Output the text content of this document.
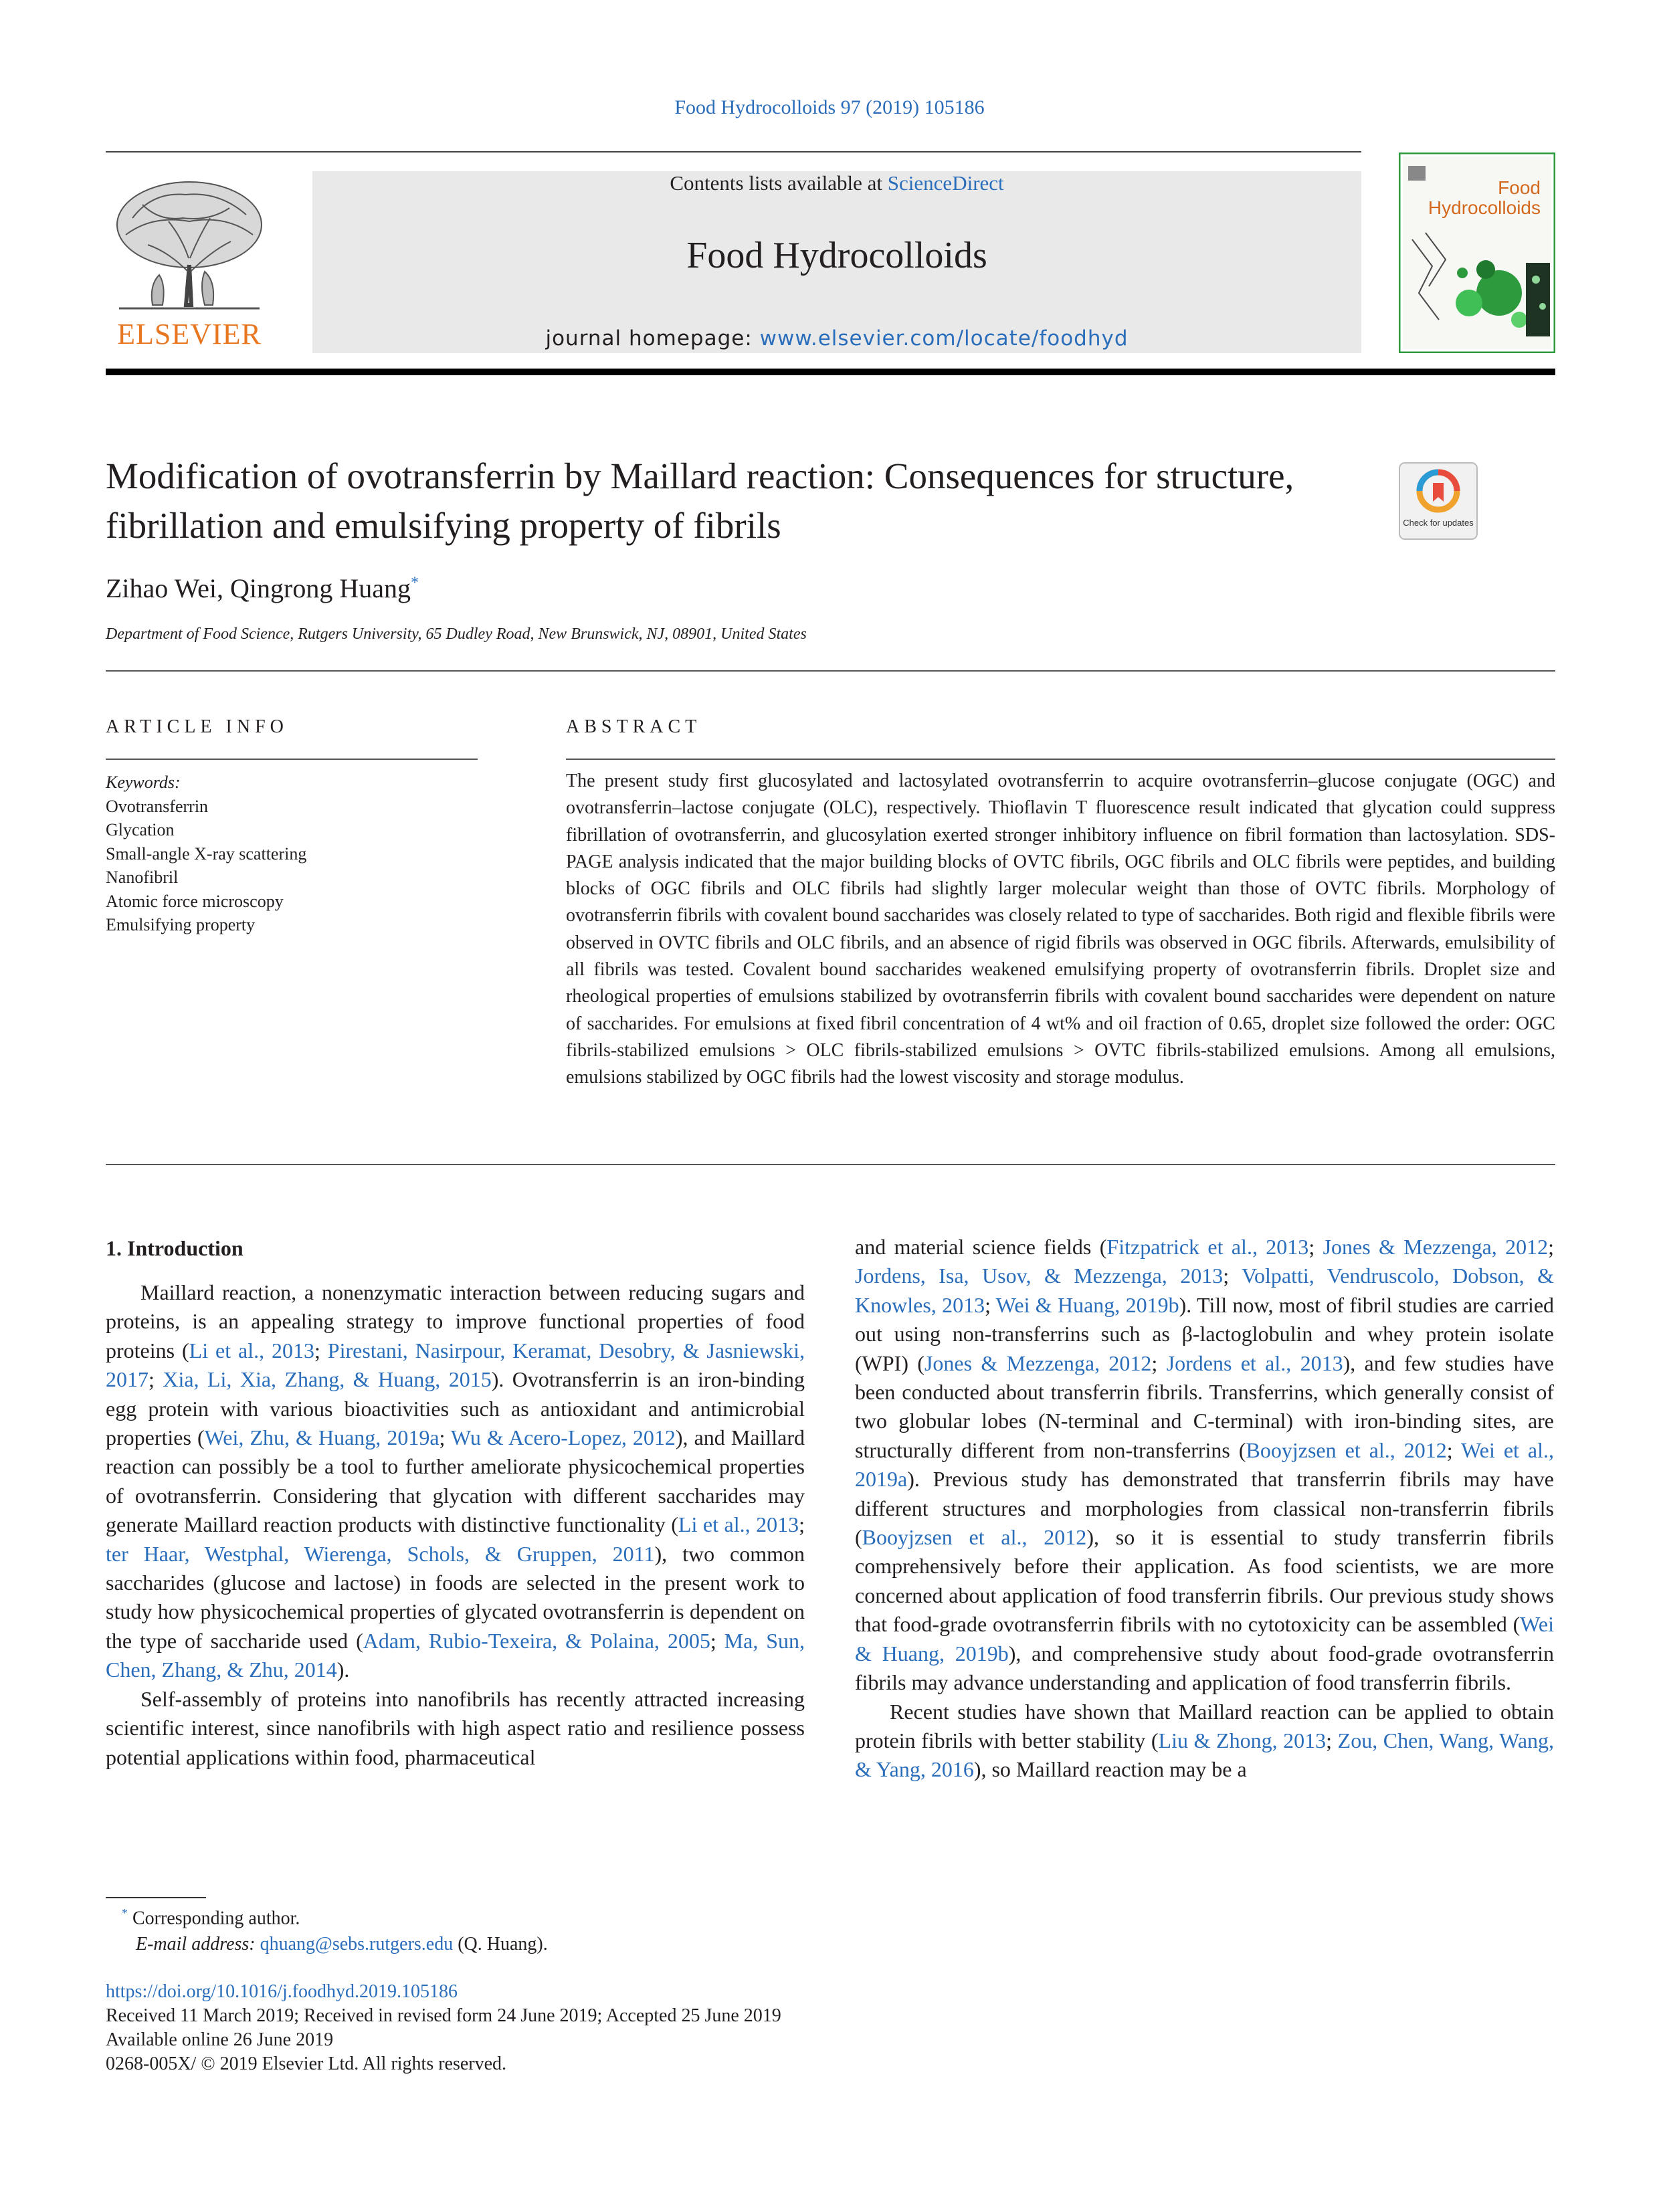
Food Hydrocolloids 97 (2019) 105186
ELSEVIER
Contents lists available at ScienceDirect
Food Hydrocolloids
journal homepage: www.elsevier.com/locate/foodhyd
Food
Hydrocolloids
Modification of ovotransferrin by Maillard reaction: Consequences for structure, fibrillation and emulsifying property of fibrils	Check for updates
Zihao Wei, Qingrong Huang*
Department of Food Science, Rutgers University, 65 Dudley Road, New Brunswick, NJ, 08901, United States
ARTICLE INFO	ABSTRACT
Keywords:
Ovotransferrin
Glycation
Small-angle X-ray scattering
Nanofibril
Atomic force microscopy
Emulsifying property
The present study first glucosylated and lactosylated ovotransferrin to acquire ovotransferrin–glucose conjugate (OGC) and ovotransferrin–lactose conjugate (OLC), respectively. Thioflavin T fluorescence result indicated that glycation could suppress fibrillation of ovotransferrin, and glucosylation exerted stronger inhibitory influence on fibril formation than lactosylation. SDS-PAGE analysis indicated that the major building blocks of OVTC fibrils, OGC fibrils and OLC fibrils were peptides, and building blocks of OGC fibrils and OLC fibrils had slightly larger molecular weight than those of OVTC fibrils. Morphology of ovotransferrin fibrils with covalent bound saccharides was closely related to type of saccharides. Both rigid and flexible fibrils were observed in OVTC fibrils and OLC fibrils, and an absence of rigid fibrils was observed in OGC fibrils. Afterwards, emulsibility of all fibrils was tested. Covalent bound saccharides weakened emulsifying property of ovotransferrin fibrils. Droplet size and rheological properties of emulsions stabilized by ovotransferrin fibrils with covalent bound saccharides were dependent on nature of saccharides. For emulsions at fixed fibril concentration of 4 wt% and oil fraction of 0.65, droplet size followed the order: OGC fibrils-stabilized emulsions > OLC fibrils-stabilized emulsions > OVTC fibrils-stabilized emulsions. Among all emulsions, emulsions stabilized by OGC fibrils had the lowest viscosity and storage modulus.
1. Introduction

Maillard reaction, a nonenzymatic interaction between reducing sugars and proteins, is an appealing strategy to improve functional properties of food proteins (Li et al., 2013; Pirestani, Nasirpour, Keramat, Desobry, & Jasniewski, 2017; Xia, Li, Xia, Zhang, & Huang, 2015). Ovotransferrin is an iron-binding egg protein with various bioactivities such as antioxidant and antimicrobial properties (Wei, Zhu, & Huang, 2019a; Wu & Acero-Lopez, 2012), and Maillard reaction can possibly be a tool to further ameliorate physicochemical properties of ovotransferrin. Considering that glycation with different saccharides may generate Maillard reaction products with distinctive functionality (Li et al., 2013; ter Haar, Westphal, Wierenga, Schols, & Gruppen, 2011), two common saccharides (glucose and lactose) in foods are selected in the present work to study how physicochemical properties of glycated ovotransferrin is dependent on the type of saccharide used (Adam, Rubio-Texeira, & Polaina, 2005; Ma, Sun, Chen, Zhang, & Zhu, 2014).

Self-assembly of proteins into nanofibrils has recently attracted increasing scientific interest, since nanofibrils with high aspect ratio and resilience possess potential applications within food, pharmaceutical

and material science fields (Fitzpatrick et al., 2013; Jones & Mezzenga, 2012; Jordens, Isa, Usov, & Mezzenga, 2013; Volpatti, Vendruscolo, Dobson, & Knowles, 2013; Wei & Huang, 2019b). Till now, most of fibril studies are carried out using non-transferrins such as β-lactoglobulin and whey protein isolate (WPI) (Jones & Mezzenga, 2012; Jordens et al., 2013), and few studies have been conducted about transferrin fibrils. Transferrins, which generally consist of two globular lobes (N-terminal and C-terminal) with iron-binding sites, are structurally different from non-transferrins (Booyjzsen et al., 2012; Wei et al., 2019a). Previous study has demonstrated that transferrin fibrils may have different structures and morphologies from classical non-transferrin fibrils (Booyjzsen et al., 2012), so it is essential to study transferrin fibrils comprehensively before their application. As food scientists, we are more concerned about application of food transferrin fibrils. Our previous study shows that food-grade ovotransferrin fibrils with no cytotoxicity can be assembled (Wei & Huang, 2019b), and comprehensive study about food-grade ovotransferrin fibrils may advance understanding and application of food transferrin fibrils.

Recent studies have shown that Maillard reaction can be applied to obtain protein fibrils with better stability (Liu & Zhong, 2013; Zou, Chen, Wang, Wang, & Yang, 2016), so Maillard reaction may be a

* Corresponding author.
E-mail address: qhuang@sebs.rutgers.edu (Q. Huang).
https://doi.org/10.1016/j.foodhyd.2019.105186
Received 11 March 2019; Received in revised form 24 June 2019; Accepted 25 June 2019
Available online 26 June 2019
0268-005X/ © 2019 Elsevier Ltd. All rights reserved.
